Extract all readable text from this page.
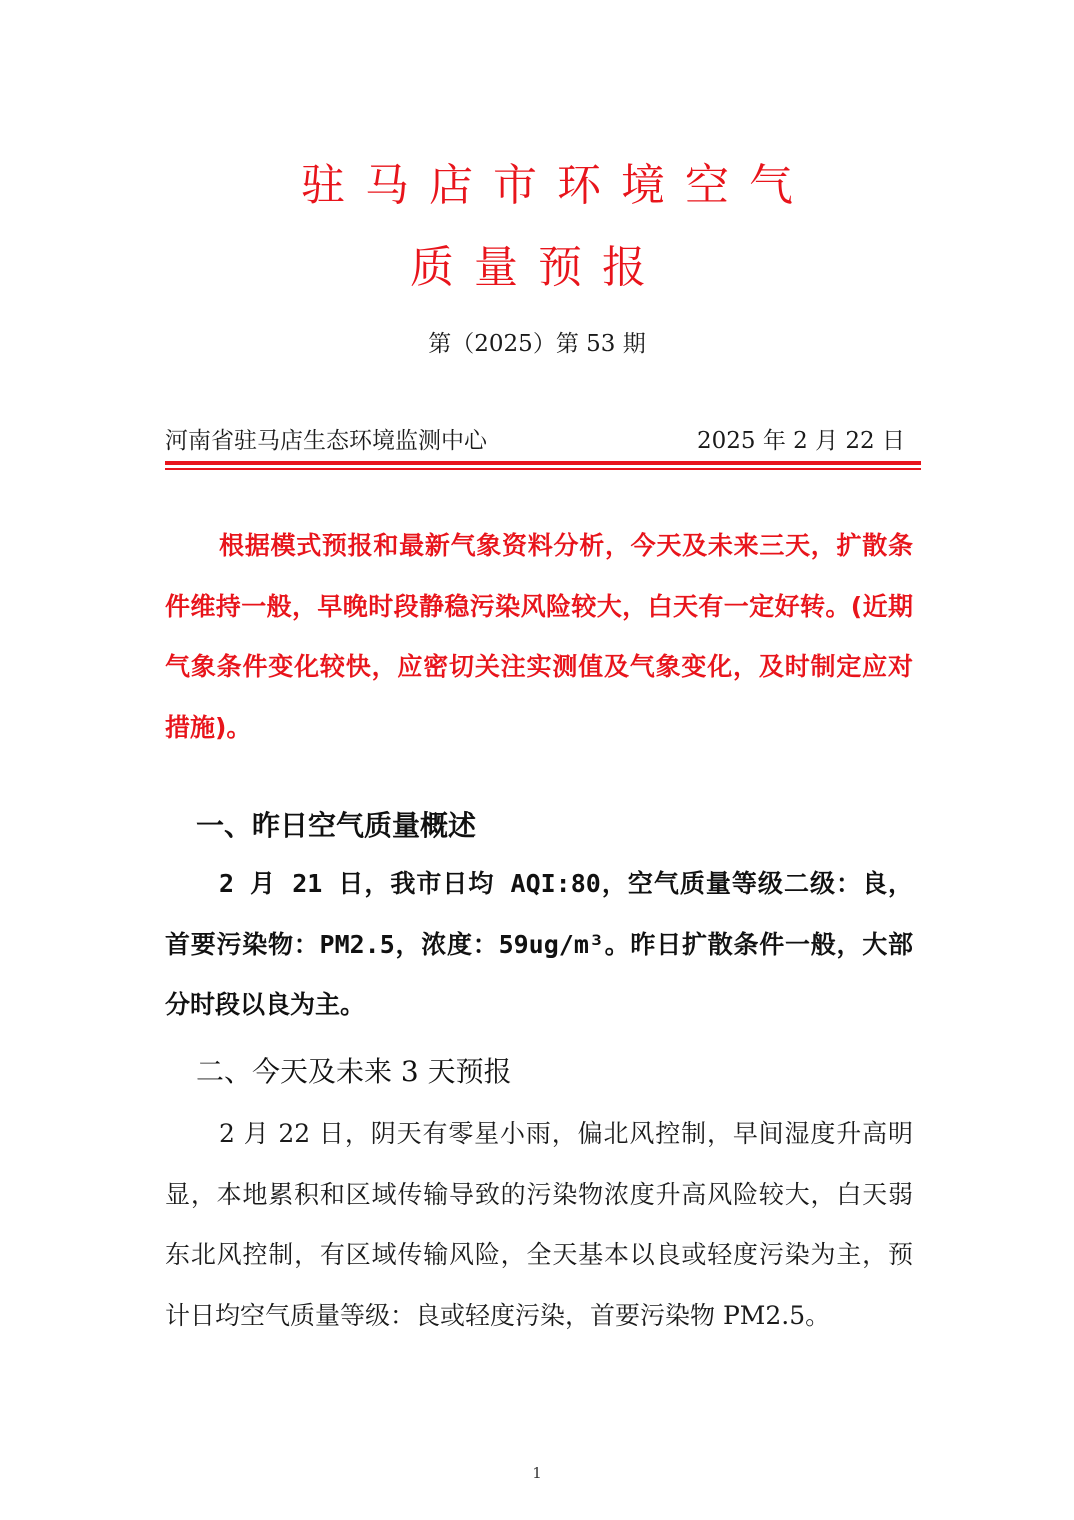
驻马店市环境空气
质量预报
第（2025）第 53 期
河南省驻马店生态环境监测中心	2025 年 2 月 22 日

根据模式预报和最新气象资料分析，今天及未来三天，扩散条件维持一般，早晚时段静稳污染风险较大，白天有一定好转。(近期气象条件变化较快，应密切关注实测值及气象变化，及时制定应对措施)。

一、昨日空气质量概述

2 月 21 日，我市日均 AQI:80，空气质量等级二级：良，首要污染物：PM2.5，浓度：59ug/m³。昨日扩散条件一般，大部分时段以良为主。

二、今天及未来 3 天预报

2 月 22 日，阴天有零星小雨，偏北风控制，早间湿度升高明显，本地累积和区域传输导致的污染物浓度升高风险较大，白天弱东北风控制，有区域传输风险，全天基本以良或轻度污染为主，预计日均空气质量等级：良或轻度污染，首要污染物 PM2.5。

1
